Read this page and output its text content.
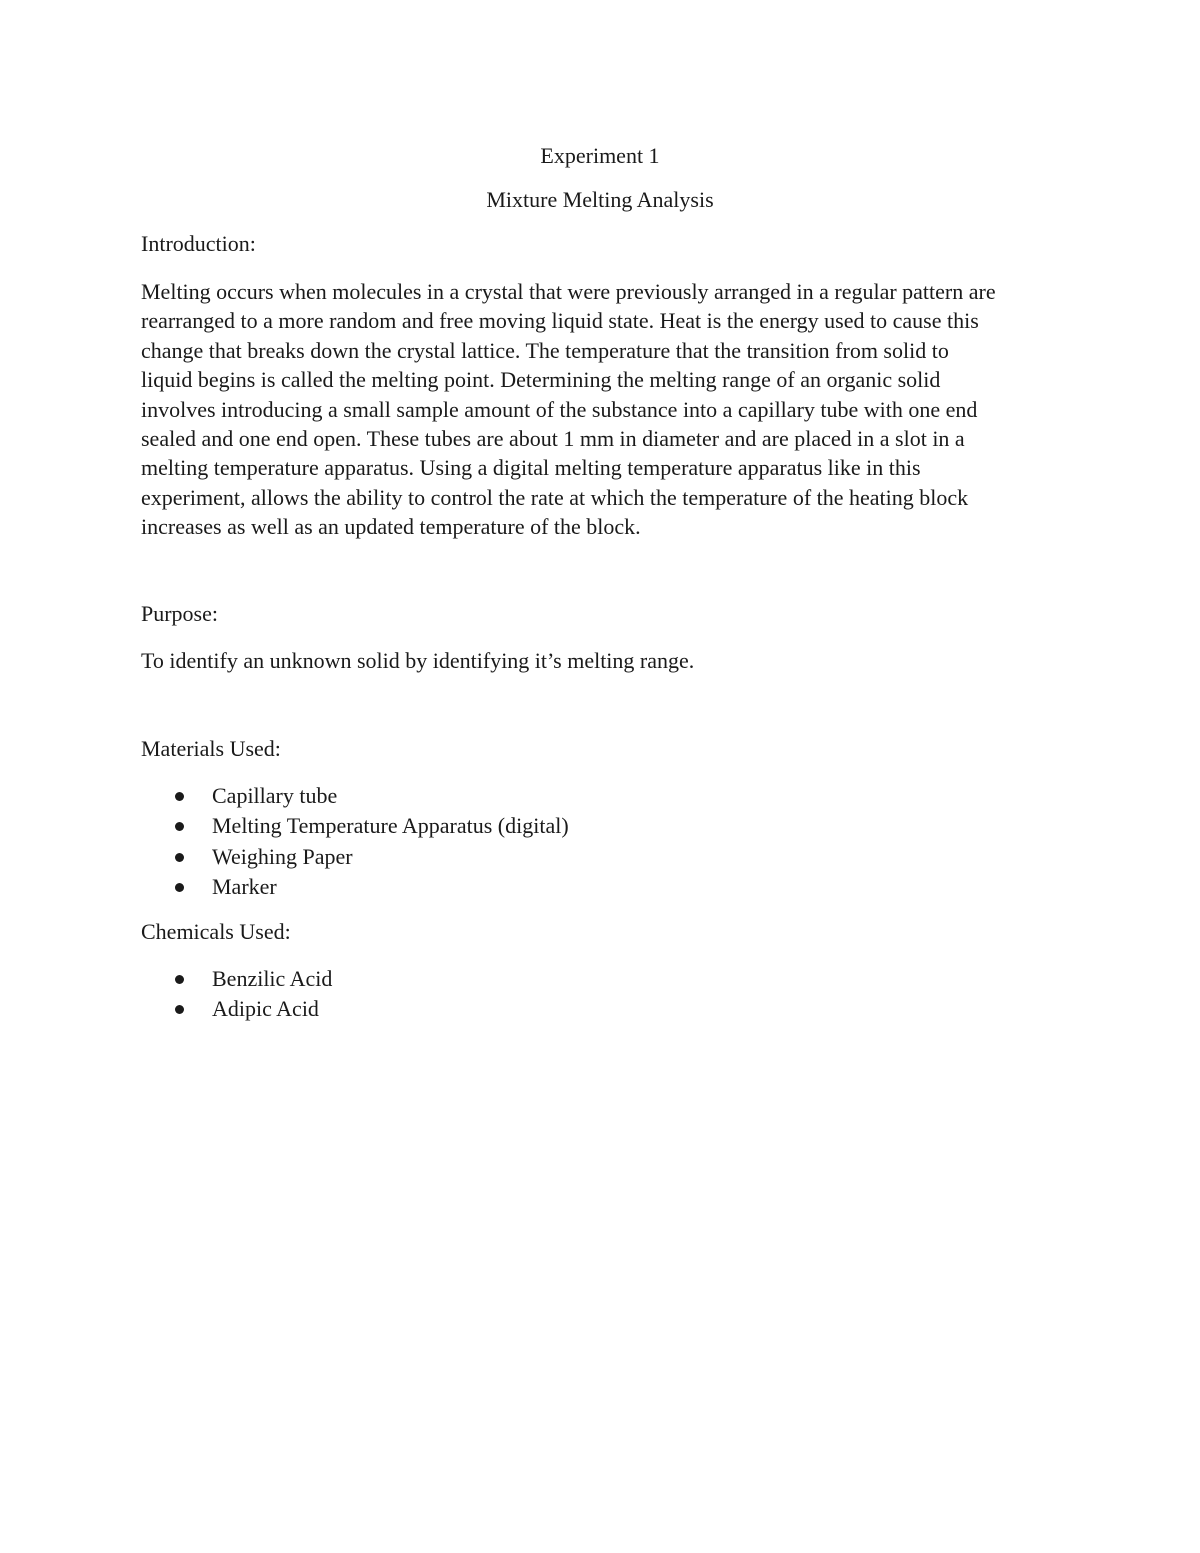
Experiment 1
Mixture Melting Analysis
Introduction:
Melting occurs when molecules in a crystal that were previously arranged in a regular pattern are
rearranged to a more random and free moving liquid state. Heat is the energy used to cause this
change that breaks down the crystal lattice. The temperature that the transition from solid to
liquid begins is called the melting point. Determining the melting range of an organic solid
involves introducing a small sample amount of the substance into a capillary tube with one end
sealed and one end open. These tubes are about 1 mm in diameter and are placed in a slot in a
melting temperature apparatus. Using a digital melting temperature apparatus like in this
experiment, allows the ability to control the rate at which the temperature of the heating block
increases as well as an updated temperature of the block.
Purpose:
To identify an unknown solid by identifying it’s melting range.
Materials Used:
Capillary tube
Melting Temperature Apparatus (digital)
Weighing Paper
Marker
Chemicals Used:
Benzilic Acid
Adipic Acid
